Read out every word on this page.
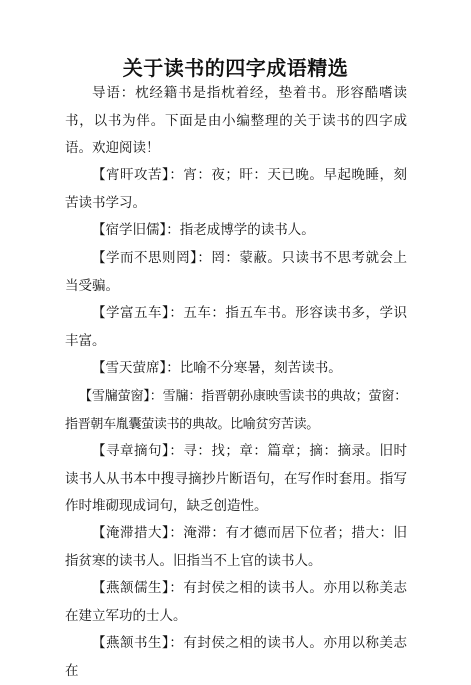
关于读书的四字成语精选

导语：枕经籍书是指枕着经，垫着书。形容酷嗜读书，以书为伴。下面是由小编整理的关于读书的四字成语。欢迎阅读！

【宵旰攻苦】：宵：夜；旰：天已晚。早起晚睡，刻苦读书学习。

【宿学旧儒】：指老成博学的读书人。

【学而不思则罔】：罔：蒙蔽。只读书不思考就会上当受骗。

【学富五车】：五车：指五车书。形容读书多，学识丰富。

【雪天萤席】：比喻不分寒暑，刻苦读书。

【雪牖萤窗】：雪牖：指晋朝孙康映雪读书的典故；萤窗：指晋朝车胤囊萤读书的典故。比喻贫穷苦读。

【寻章摘句】：寻：找；章：篇章；摘：摘录。旧时读书人从书本中搜寻摘抄片断语句，在写作时套用。指写作时堆砌现成词句，缺乏创造性。

【淹滞措大】：淹滞：有才德而居下位者；措大：旧指贫寒的读书人。旧指当不上官的读书人。

【燕颔儒生】：有封侯之相的读书人。亦用以称美志在建立军功的士人。

【燕颔书生】：有封侯之相的读书人。亦用以称美志在
